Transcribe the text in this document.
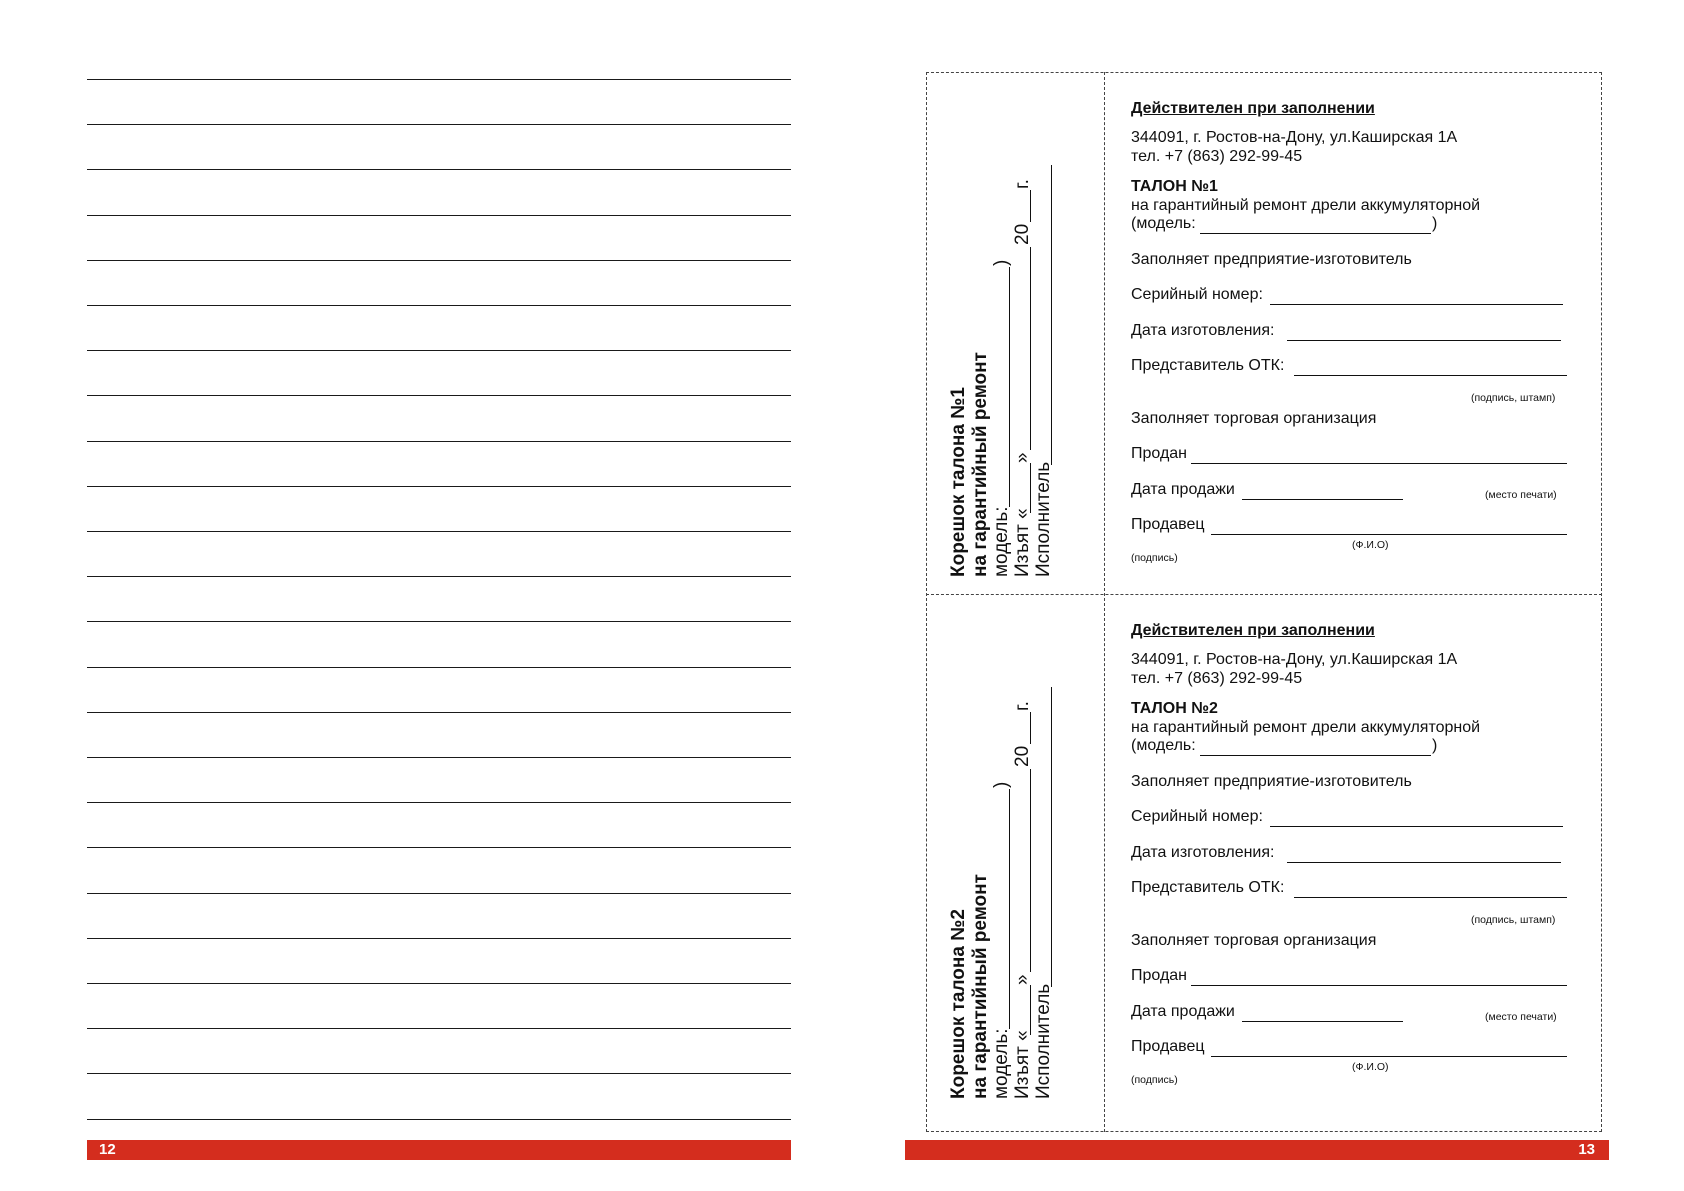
12
Корешок талона №1 на гарантийный ремонт модель:
)
Изъят «
»
20
г.
Исполнитель
Действителен при заполнении
344091, г. Ростов-на-Дону, ул.Каширская 1А
тел. +7 (863) 292-99-45
ТАЛОН №1
на гарантийный ремонт дрели аккумуляторной
(модель:	)
Заполняет предприятие-изготовитель
Серийный номер:
Дата изготовления:
Представитель ОТК:
(подпись, штамп)
Заполняет торговая организация
Продан
Дата продажи	(место печати)
Продавец
(Ф.И.О)
(подпись)
Корешок талона №2 на гарантийный ремонт модель:
)
Изъят «
»
20
г.
Исполнитель
Действителен при заполнении
344091, г. Ростов-на-Дону, ул.Каширская 1А
тел. +7 (863) 292-99-45
ТАЛОН №2
на гарантийный ремонт дрели аккумуляторной
(модель:	)
Заполняет предприятие-изготовитель
Серийный номер:
Дата изготовления:
Представитель ОТК:
(подпись, штамп)
Заполняет торговая организация
Продан
Дата продажи	(место печати)
Продавец
(Ф.И.О)
(подпись)
13
